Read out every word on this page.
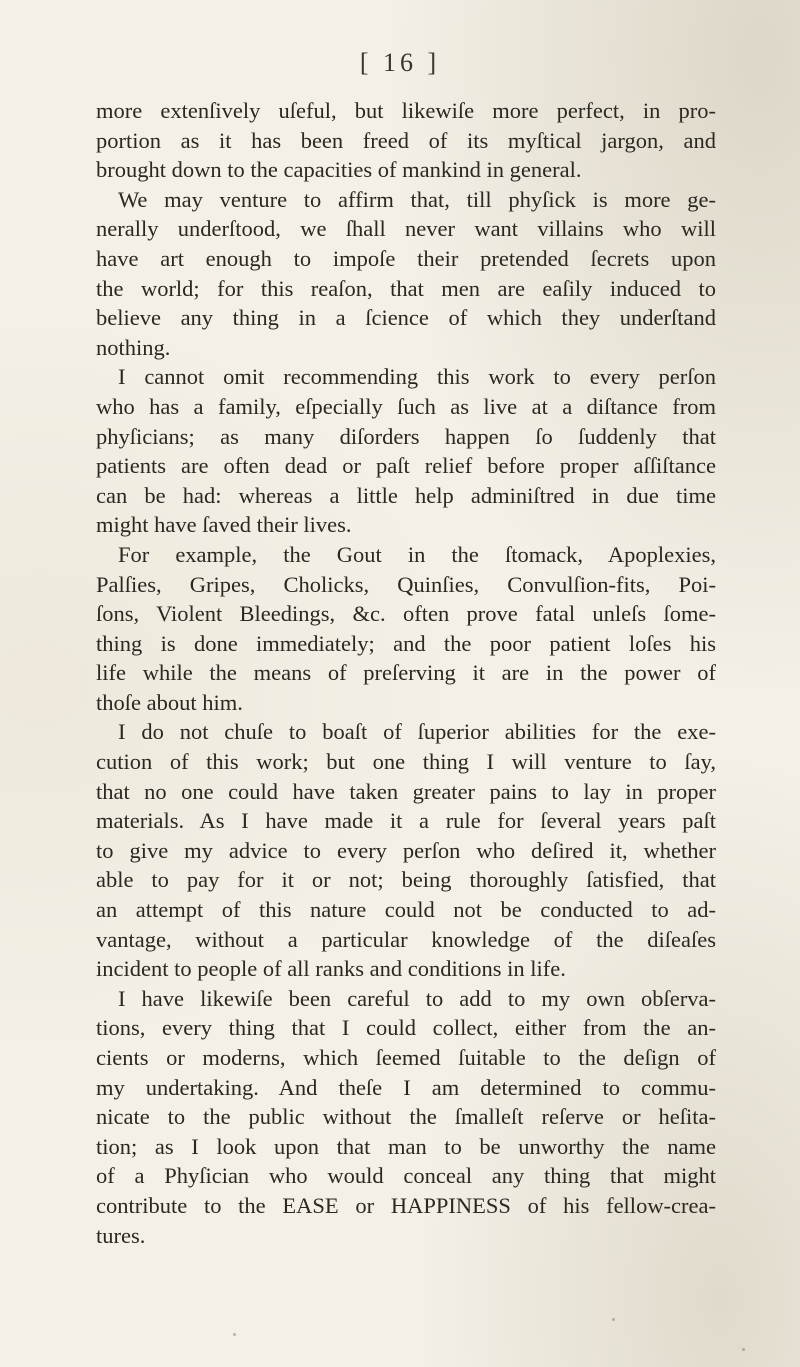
[ 16 ]
more extenſively uſeful, but likewiſe more perfect, in pro-
portion as it has been freed of its myſtical jargon, and
brought down to the capacities of mankind in general.
We may venture to affirm that, till phyſick is more ge-
nerally underſtood, we ſhall never want villains who will
have art enough to impoſe their pretended ſecrets upon
the world; for this reaſon, that men are eaſily induced to
believe any thing in a ſcience of which they underſtand
nothing.
I cannot omit recommending this work to every perſon
who has a family, eſpecially ſuch as live at a diſtance from
phyſicians; as many diſorders happen ſo ſuddenly that
patients are often dead or paſt relief before proper aſſiſtance
can be had: whereas a little help adminiſtred in due time
might have ſaved their lives.
For example, the Gout in the ſtomack, Apoplexies,
Palſies, Gripes, Cholicks, Quinſies, Convulſion-fits, Poi-
ſons, Violent Bleedings, &c. often prove fatal unleſs ſome-
thing is done immediately; and the poor patient loſes his
life while the means of preſerving it are in the power of
thoſe about him.
I do not chuſe to boaſt of ſuperior abilities for the exe-
cution of this work; but one thing I will venture to ſay,
that no one could have taken greater pains to lay in proper
materials. As I have made it a rule for ſeveral years paſt
to give my advice to every perſon who deſired it, whether
able to pay for it or not; being thoroughly ſatisfied, that
an attempt of this nature could not be conducted to ad-
vantage, without a particular knowledge of the diſeaſes
incident to people of all ranks and conditions in life.
I have likewiſe been careful to add to my own obſerva-
tions, every thing that I could collect, either from the an-
cients or moderns, which ſeemed ſuitable to the deſign of
my undertaking. And theſe I am determined to commu-
nicate to the public without the ſmalleſt reſerve or heſita-
tion; as I look upon that man to be unworthy the name
of a Phyſician who would conceal any thing that might
contribute to the EASE or HAPPINESS of his fellow-crea-
tures.
